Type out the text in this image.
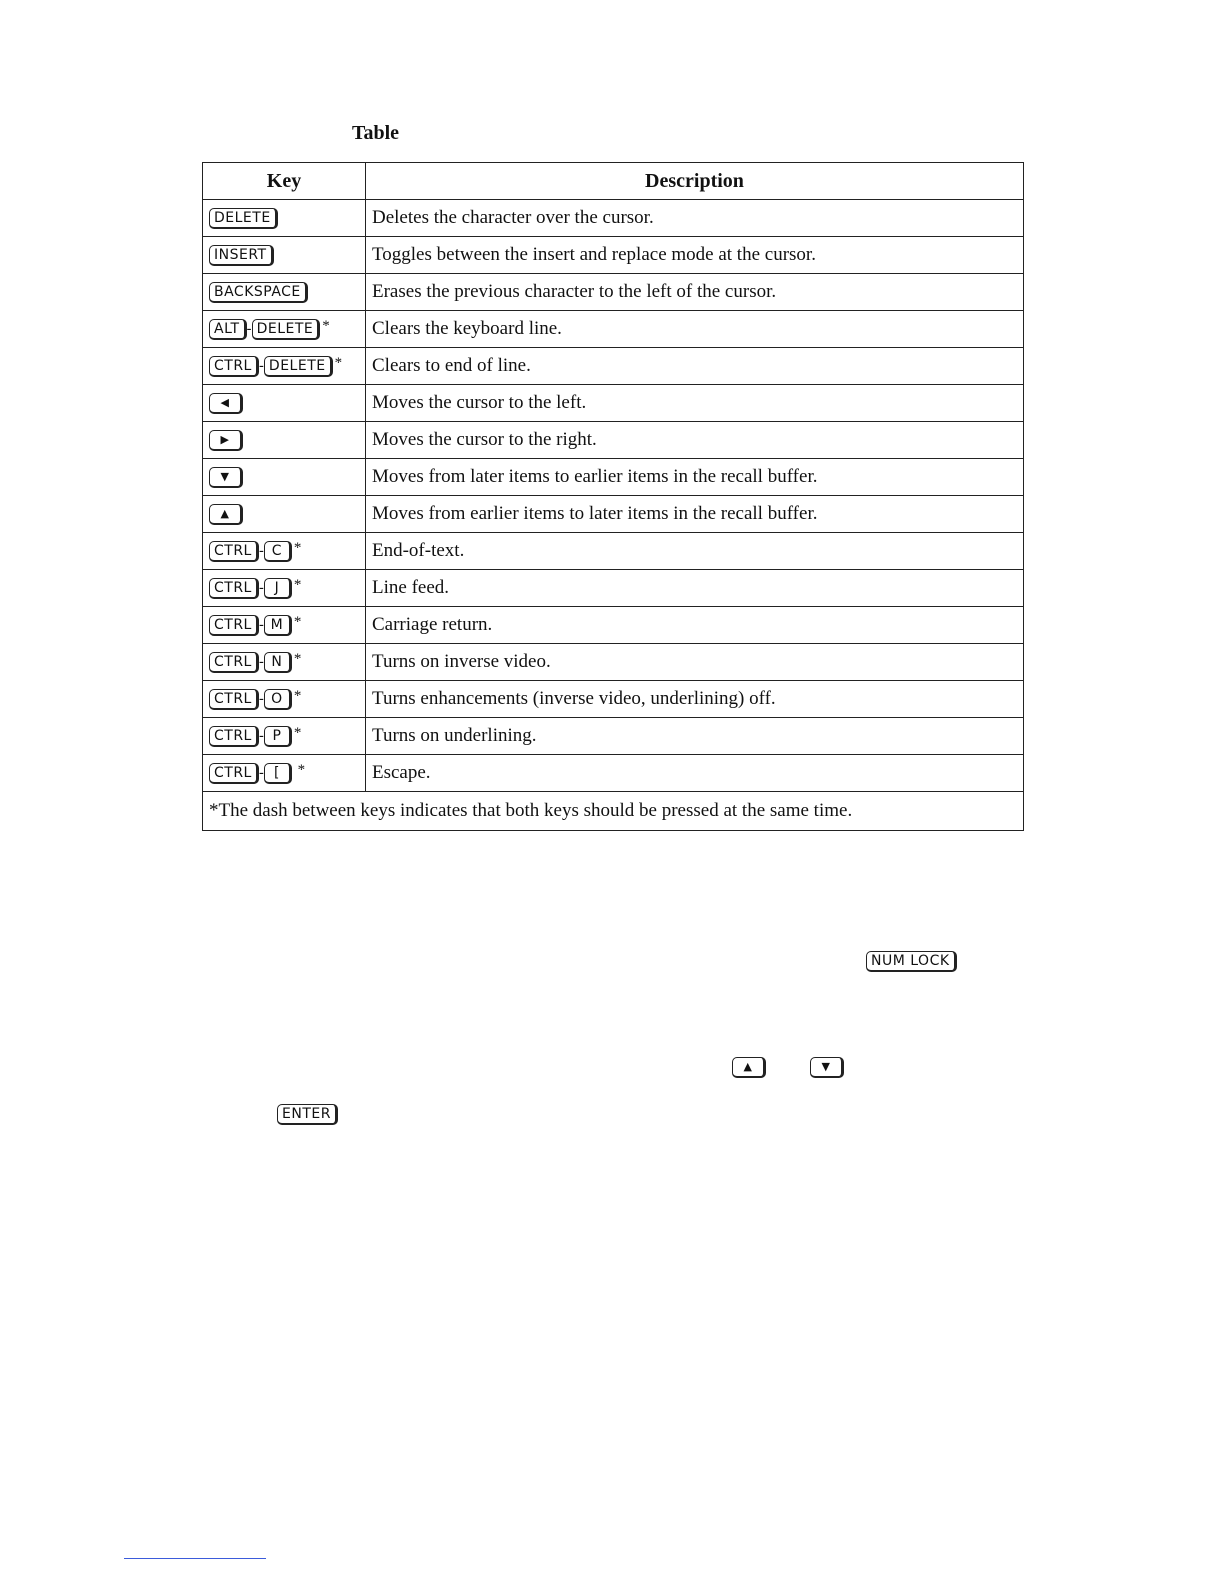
Table
Key	Description
DELETE	Deletes the character over the cursor.
INSERT	Toggles between the insert and replace mode at the cursor.
BACKSPACE	Erases the previous character to the left of the cursor.
ALT - DELETE *	Clears the keyboard line.
CTRL - DELETE *	Clears to end of line.
◀	Moves the cursor to the left.
▶	Moves the cursor to the right.
▼	Moves from later items to earlier items in the recall buffer.
▲	Moves from earlier items to later items in the recall buffer.
CTRL - C *	End-of-text.
CTRL - J *	Line feed.
CTRL - M *	Carriage return.
CTRL - N *	Turns on inverse video.
CTRL - O *	Turns enhancements (inverse video, underlining) off.
CTRL - P *	Turns on underlining.
CTRL - [ *	Escape.
*The dash between keys indicates that both keys should be pressed at the same time.	
NUM LOCK
▲	▼
ENTER
